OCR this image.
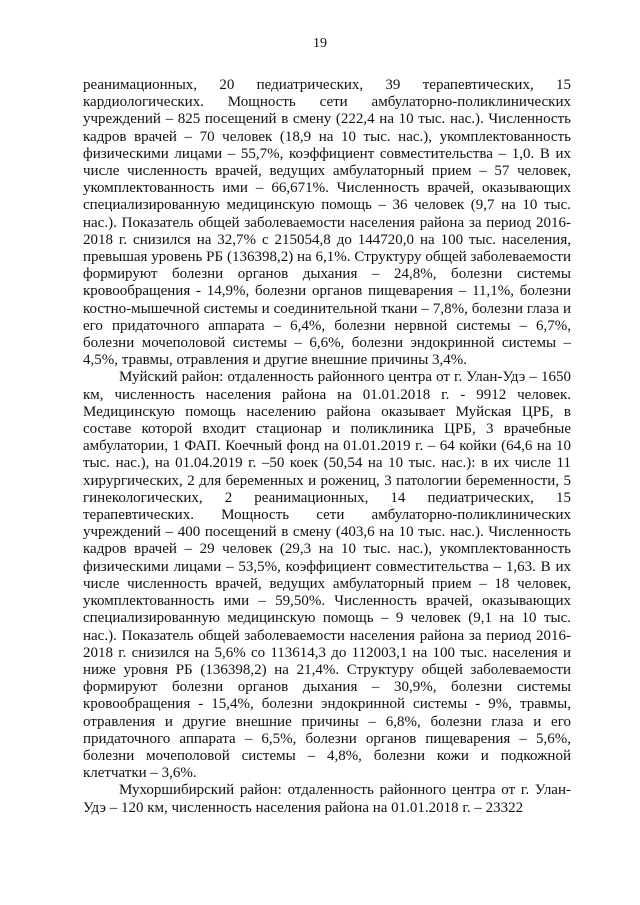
19

реанимационных, 20 педиатрических, 39 терапевтических, 15 кардиологических. Мощность сети амбулаторно-поликлинических учреждений – 825 посещений в смену (222,4 на 10 тыс. нас.). Численность кадров врачей – 70 человек (18,9 на 10 тыс. нас.), укомплектованность физическими лицами – 55,7%, коэффициент совместительства – 1,0. В их числе численность врачей, ведущих амбулаторный прием – 57 человек, укомплектованность ими – 66,671%. Численность врачей, оказывающих специализированную медицинскую помощь – 36 человек (9,7 на 10 тыс. нас.). Показатель общей заболеваемости населения района за период 2016-2018 г. снизился на 32,7% с 215054,8 до 144720,0 на 100 тыс. населения, превышая уровень РБ (136398,2) на 6,1%. Структуру общей заболеваемости формируют болезни органов дыхания – 24,8%, болезни системы кровообращения - 14,9%, болезни органов пищеварения – 11,1%, болезни костно-мышечной системы и соединительной ткани – 7,8%, болезни глаза и его придаточного аппарата – 6,4%, болезни нервной системы – 6,7%, болезни мочеполовой системы – 6,6%, болезни эндокринной системы – 4,5%, травмы, отравления и другие внешние причины 3,4%.

Муйский район: отдаленность районного центра от г. Улан-Удэ – 1650 км, численность населения района на 01.01.2018 г. - 9912 человек. Медицинскую помощь населению района оказывает Муйская ЦРБ, в составе которой входит стационар и поликлиника ЦРБ, 3 врачебные амбулатории, 1 ФАП. Коечный фонд на 01.01.2019 г. – 64 койки (64,6 на 10 тыс. нас.), на 01.04.2019 г. –50 коек (50,54 на 10 тыс. нас.): в их числе 11 хирургических, 2 для беременных и рожениц, 3 патологии беременности, 5 гинекологических, 2 реанимационных, 14 педиатрических, 15 терапевтических. Мощность сети амбулаторно-поликлинических учреждений – 400 посещений в смену (403,6 на 10 тыс. нас.). Численность кадров врачей – 29 человек (29,3 на 10 тыс. нас.), укомплектованность физическими лицами – 53,5%, коэффициент совместительства – 1,63. В их числе численность врачей, ведущих амбулаторный прием – 18 человек, укомплектованность ими – 59,50%. Численность врачей, оказывающих специализированную медицинскую помощь – 9 человек (9,1 на 10 тыс. нас.). Показатель общей заболеваемости населения района за период 2016-2018 г. снизился на 5,6% со 113614,3 до 112003,1 на 100 тыс. населения и ниже уровня РБ (136398,2) на 21,4%. Структуру общей заболеваемости формируют болезни органов дыхания – 30,9%, болезни системы кровообращения - 15,4%, болезни эндокринной системы - 9%, травмы, отравления и другие внешние причины – 6,8%, болезни глаза и его придаточного аппарата – 6,5%, болезни органов пищеварения – 5,6%, болезни мочеполовой системы – 4,8%, болезни кожи и подкожной клетчатки – 3,6%.

Мухоршибирский район: отдаленность районного центра от г. Улан-Удэ – 120 км, численность населения района на 01.01.2018 г. – 23322
